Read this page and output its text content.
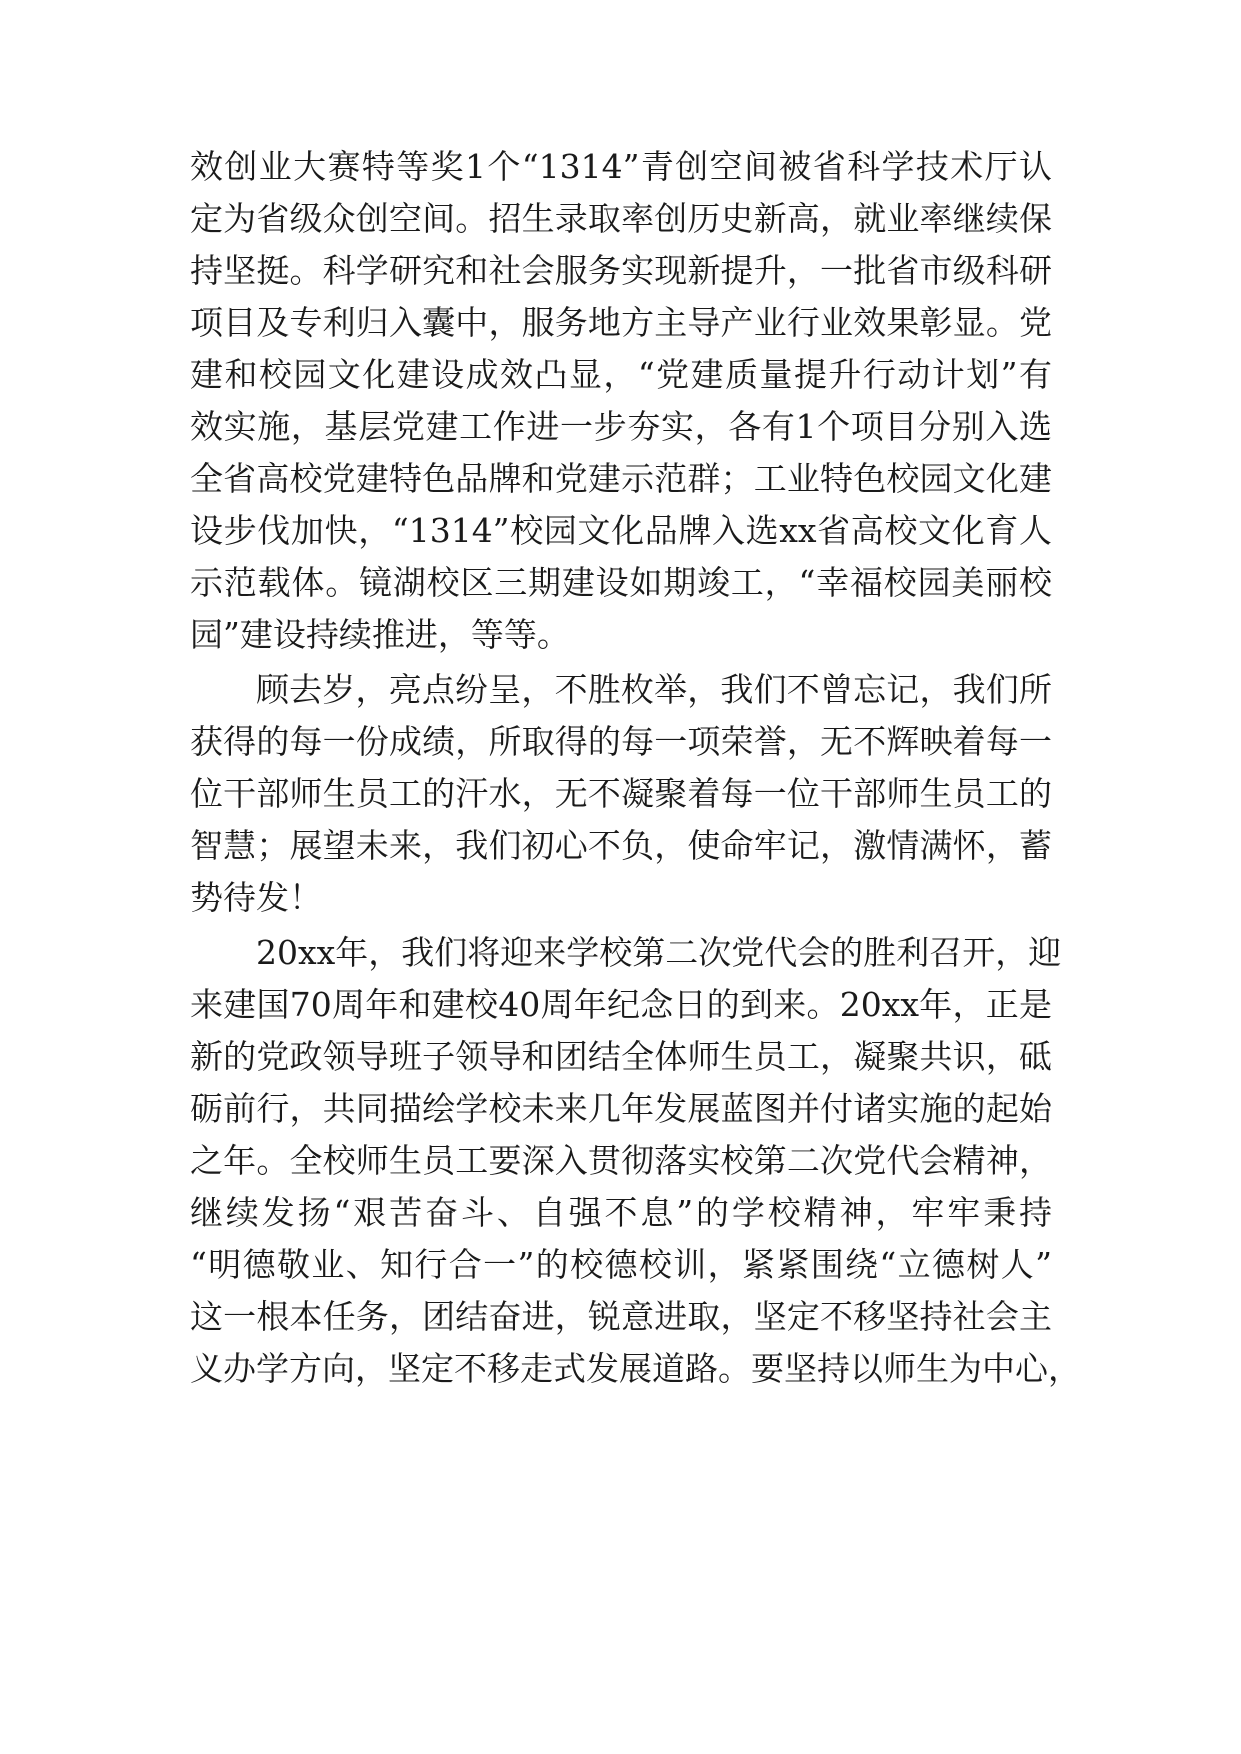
效创业大赛特等奖1个“1314”青创空间被省科学技术厅认
定为省级众创空间。招生录取率创历史新高，就业率继续保
持坚挺。科学研究和社会服务实现新提升，一批省市级科研
项目及专利归入囊中，服务地方主导产业行业效果彰显。党
建和校园文化建设成效凸显，“党建质量提升行动计划”有
效实施，基层党建工作进一步夯实，各有1个项目分别入选
全省高校党建特色品牌和党建示范群；工业特色校园文化建
设步伐加快，“1314”校园文化品牌入选xx省高校文化育人
示范载体。镜湖校区三期建设如期竣工，“幸福校园美丽校
园”建设持续推进，等等。
顾去岁，亮点纷呈，不胜枚举，我们不曾忘记，我们所
获得的每一份成绩，所取得的每一项荣誉，无不辉映着每一
位干部师生员工的汗水，无不凝聚着每一位干部师生员工的
智慧；展望未来，我们初心不负，使命牢记，激情满怀，蓄
势待发！
20xx年，我们将迎来学校第二次党代会的胜利召开，迎
来建国70周年和建校40周年纪念日的到来。20xx年，正是
新的党政领导班子领导和团结全体师生员工，凝聚共识，砥
砺前行，共同描绘学校未来几年发展蓝图并付诸实施的起始
之年。全校师生员工要深入贯彻落实校第二次党代会精神，
继续发扬“艰苦奋斗、自强不息”的学校精神，牢牢秉持
“明德敬业、知行合一”的校德校训，紧紧围绕“立德树人”
这一根本任务，团结奋进，锐意进取，坚定不移坚持社会主
义办学方向，坚定不移走式发展道路。要坚持以师生为中心，
